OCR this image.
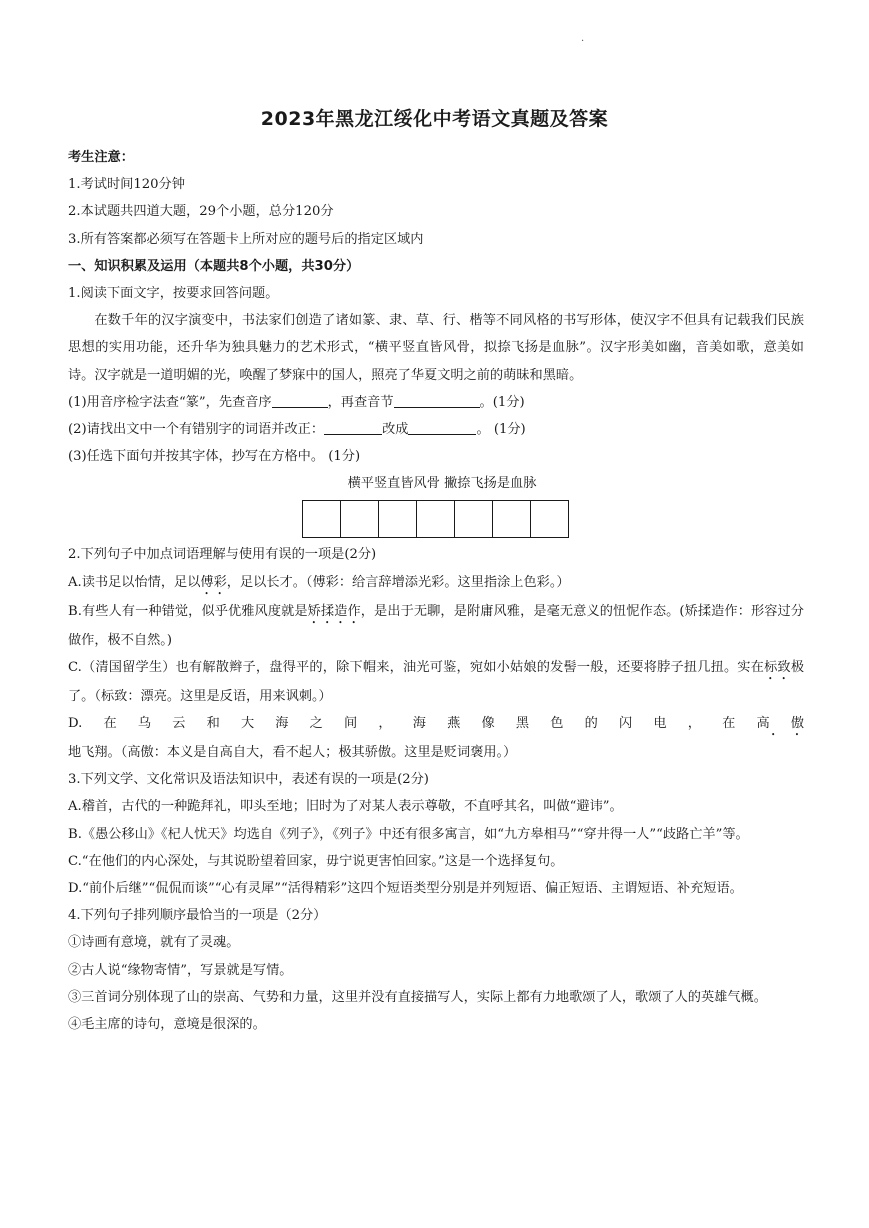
·
2023年黑龙江绥化中考语文真题及答案
考生注意：
1.考试时间120分钟
2.本试题共四道大题，29个小题，总分120分
3.所有答案都必须写在答题卡上所对应的题号后的指定区域内
一、知识积累及运用（本题共8个小题，共30分）
1.阅读下面文字，按要求回答问题。
在数千年的汉字演变中，书法家们创造了诸如篆、隶、草、行、楷等不同风格的书写形体，使汉字不但具有记载我们民族思想的实用功能，还升华为独具魅力的艺术形式，“横平竖直皆风骨，拟捺飞扬是血脉”。汉字形美如幽，音美如歌，意美如诗。汉字就是一道明媚的光，唤醒了梦寐中的国人，照亮了华夏文明之前的萌昧和黑暗。
(1)用音序检字法查“篆”，先查音序	，再查音节	。(1分)
(2)请找出文中一个有错别字的词语并改正：	改成	。 (1分)
(3)任选下面句并按其字体，抄写在方格中。 (1分)
横平竖直皆风骨 撇捺飞扬是血脉
2.下列句子中加点词语理解与使用有误的一项是(2分)
A.读书足以怡情，足以傅彩，足以长才。（傅彩：给言辞增添光彩。这里指涂上色彩。）
B.有些人有一种错觉，似乎优雅风度就是矫揉造作，是出于无聊，是附庸风雅，是毫无意义的忸怩作态。(矫揉造作：形容过分做作，极不自然。)
C.（清国留学生）也有解散辫子，盘得平的，除下帽来，油光可鉴，宛如小姑娘的发髻一般，还要将脖子扭几扭。实在标致极了。（标致：漂亮。这里是反语，用来讽刺。）
D.在乌云和大海之间，海燕像黑色的闪电，在高傲地飞翔。（高傲：本义是自高自大，看不起人；极其骄傲。这里是贬词褒用。）
3.下列文学、文化常识及语法知识中，表述有误的一项是(2分)
A.稽首，古代的一种跪拜礼，叩头至地；旧时为了对某人表示尊敬，不直呼其名，叫做“避讳”。
B.《愚公移山》《杞人忧天》均选自《列子》，《列子》中还有很多寓言，如“九方皋相马”“穿井得一人”“歧路亡羊”等。
C.“在他们的内心深处，与其说盼望着回家，毋宁说更害怕回家。”这是一个选择复句。
D.“前仆后继”“侃侃而谈”“心有灵犀”“活得精彩”这四个短语类型分别是并列短语、偏正短语、主谓短语、补充短语。
4.下列句子排列顺序最恰当的一项是（2分）
①诗画有意境，就有了灵魂。
②古人说“缘物寄情”，写景就是写情。
③三首词分别体现了山的崇高、气势和力量，这里并没有直接描写人，实际上都有力地歌颂了人，歌颂了人的英雄气概。
④毛主席的诗句，意境是很深的。
